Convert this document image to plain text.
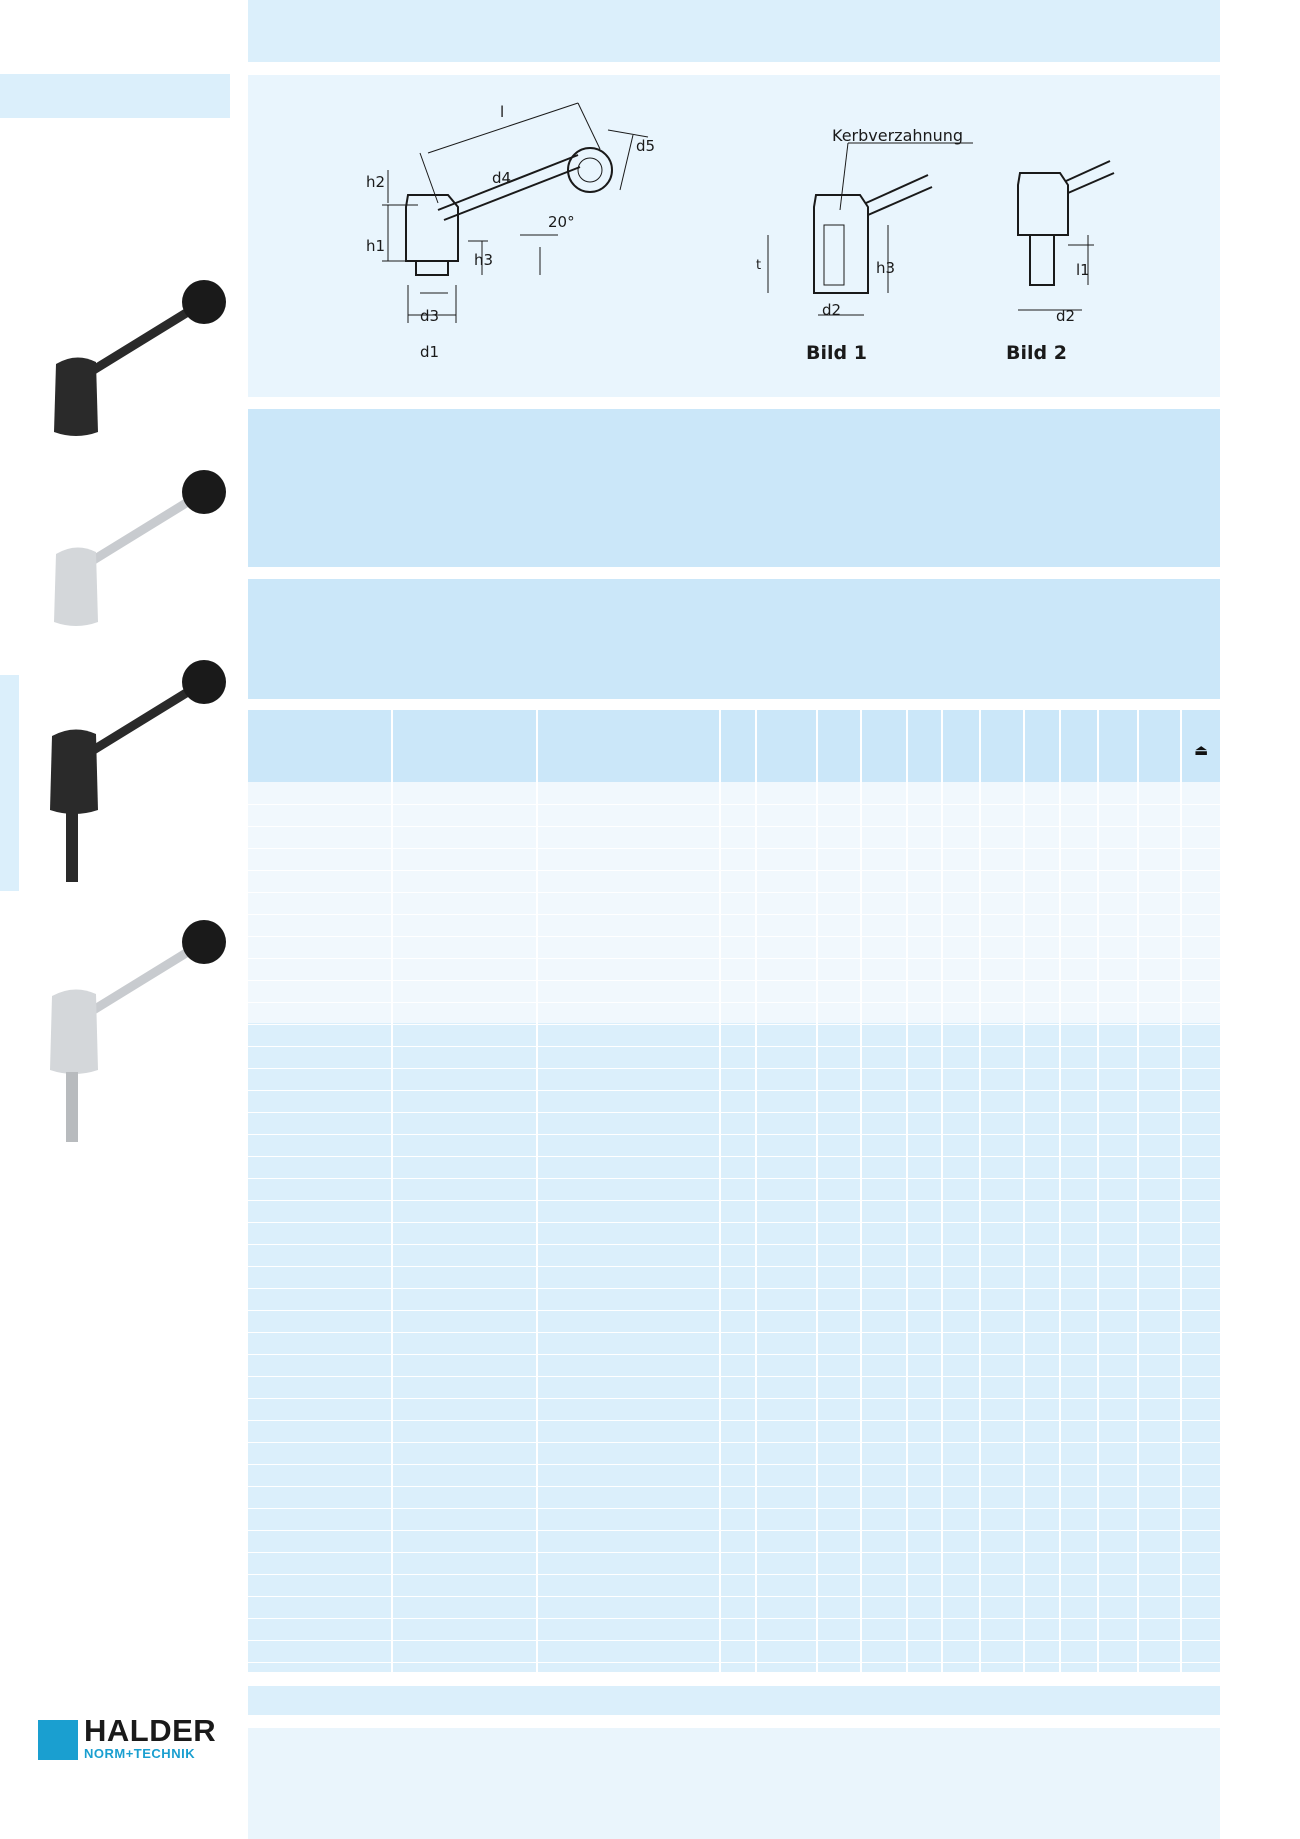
l
d5
d4
h2
h1
h3
d3
d1
20°
Kerbverzahnung
t	h3
d2
Bild 1
l1
d2
Bild 2
⏏
HALDER
NORM+TECHNIK
